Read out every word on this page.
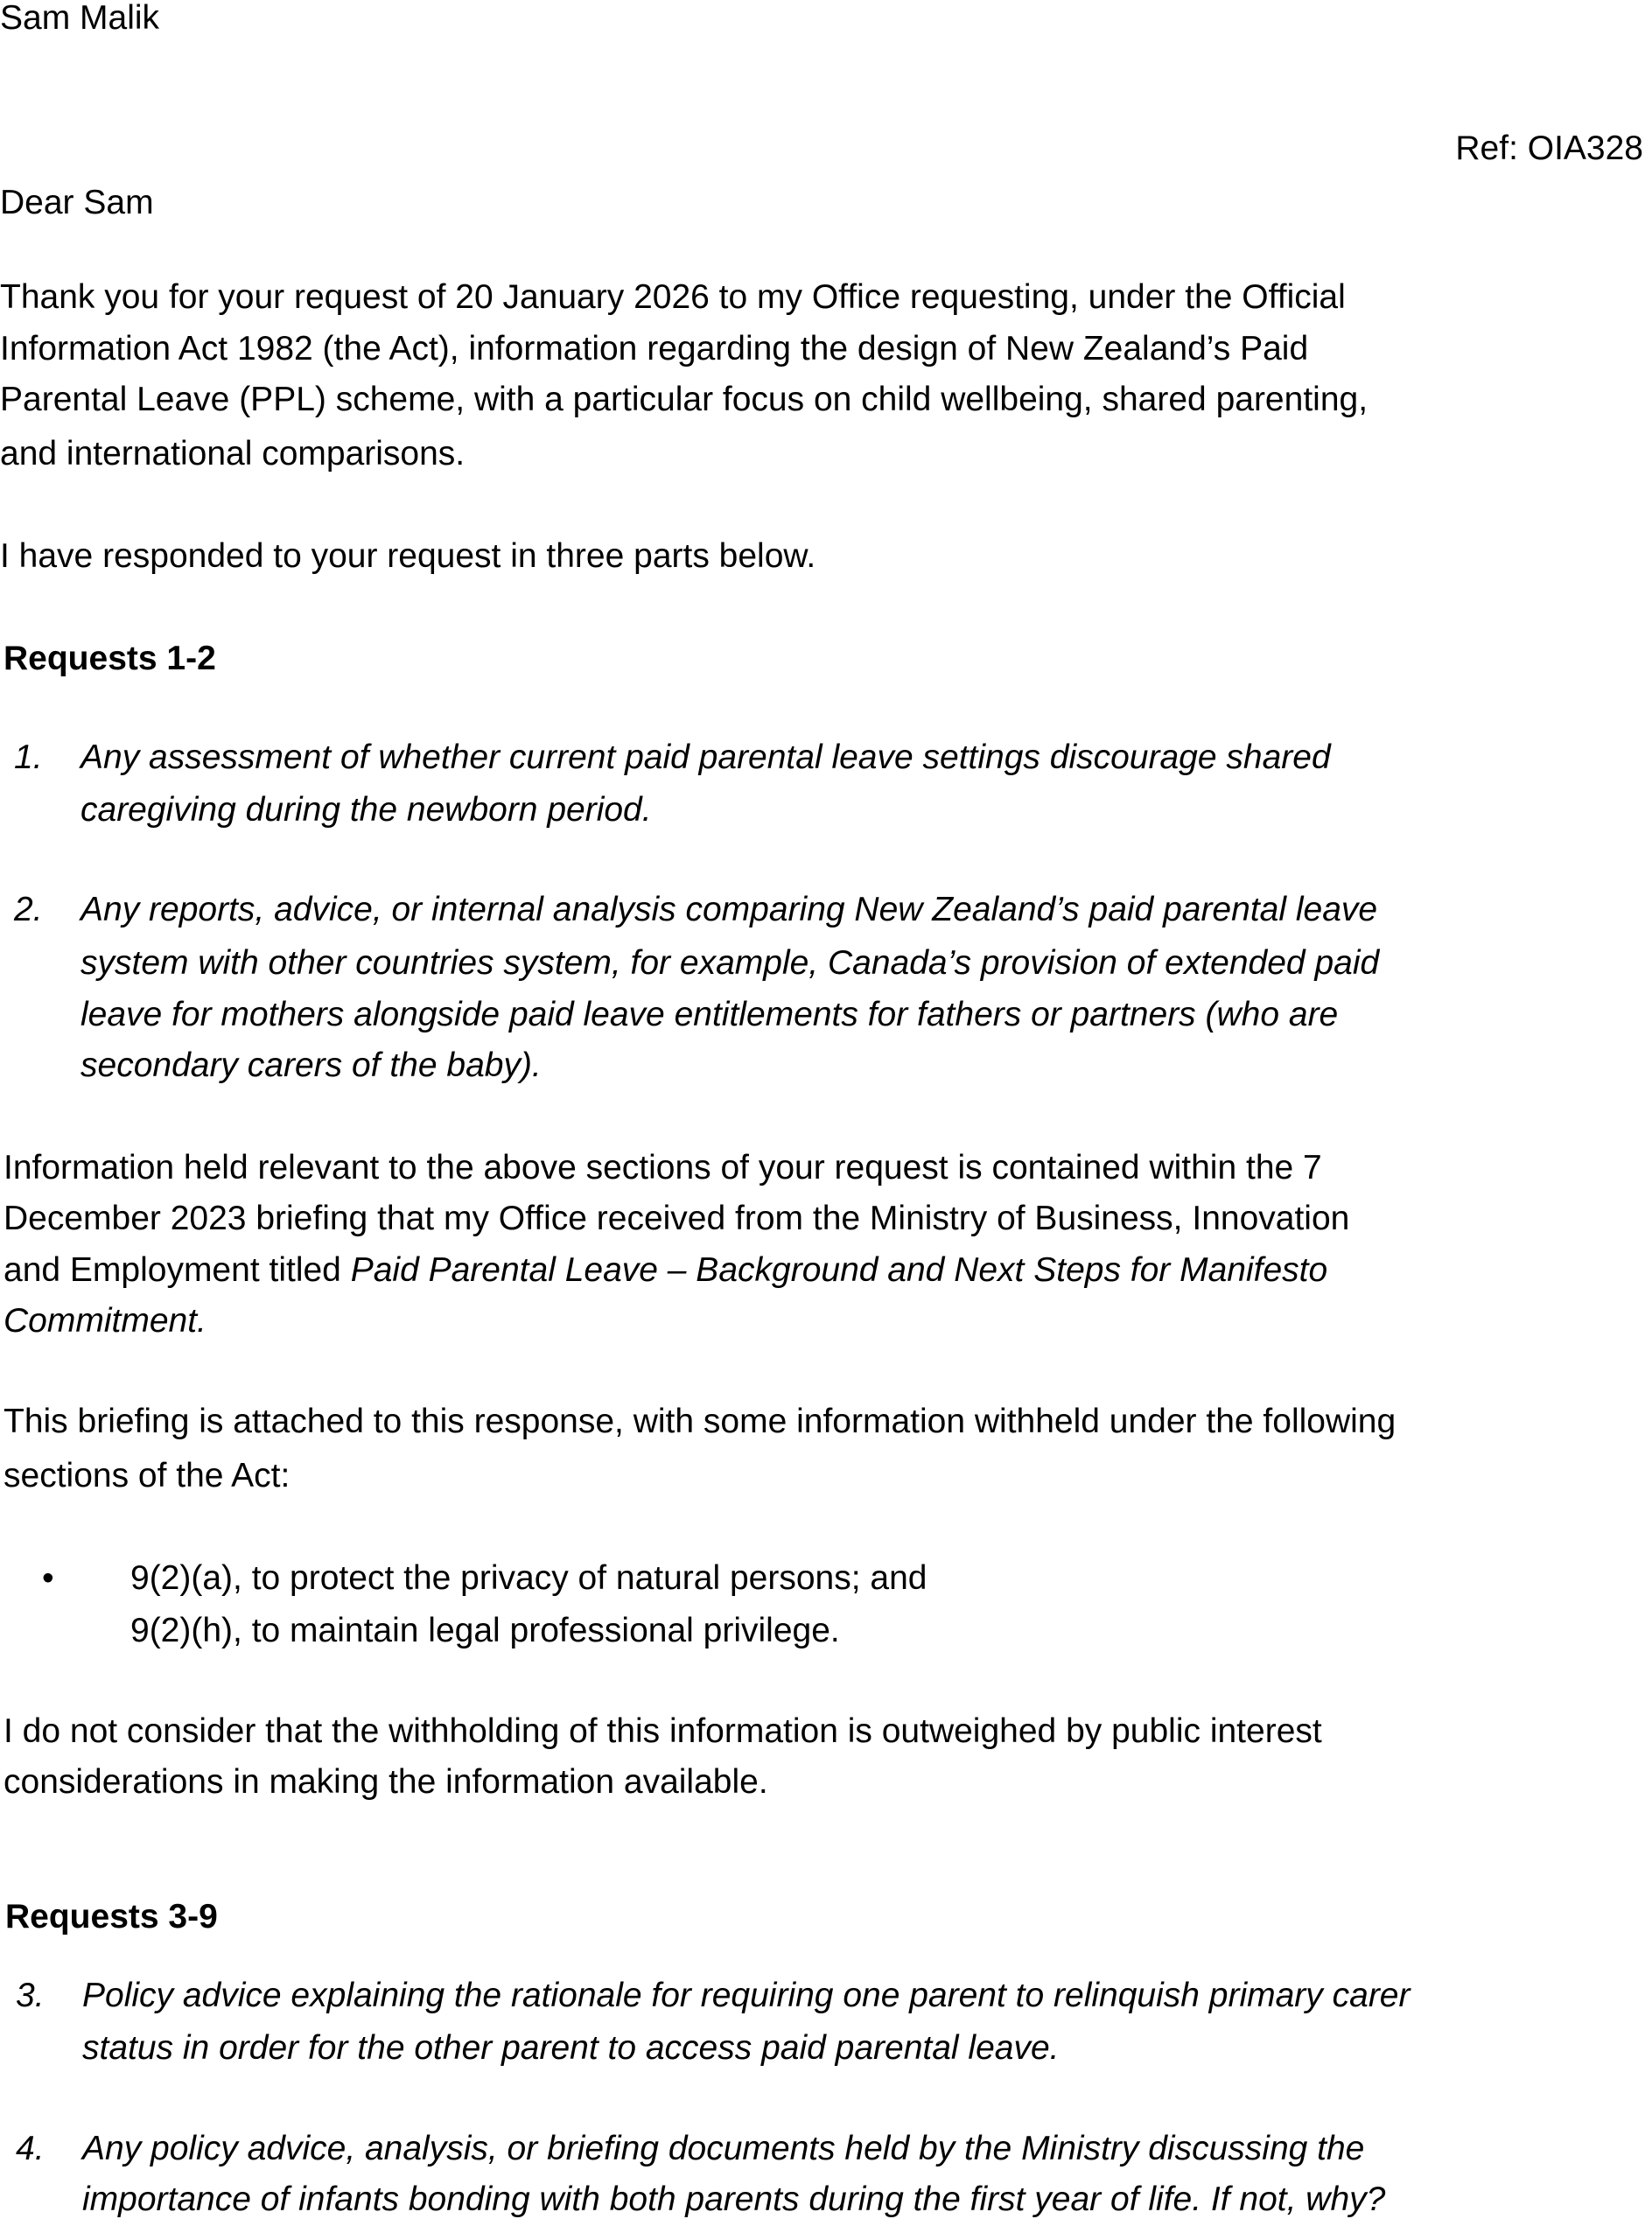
Sam Malik
Ref: OIA328
Dear Sam
Thank you for your request of 20 January 2026 to my Office requesting, under the Official
Information Act 1982 (the Act), information regarding the design of New Zealand’s Paid
Parental Leave (PPL) scheme, with a particular focus on child wellbeing, shared parenting,
and international comparisons.
I have responded to your request in three parts below.
Requests 1-2
1. Any assessment of whether current paid parental leave settings discourage shared
caregiving during the newborn period.
2. Any reports, advice, or internal analysis comparing New Zealand’s paid parental leave
system with other countries system, for example, Canada’s provision of extended paid
leave for mothers alongside paid leave entitlements for fathers or partners (who are
secondary carers of the baby).
Information held relevant to the above sections of your request is contained within the 7
December 2023 briefing that my Office received from the Ministry of Business, Innovation
and Employment titled Paid Parental Leave – Background and Next Steps for Manifesto
Commitment.
This briefing is attached to this response, with some information withheld under the following
sections of the Act:
• 9(2)(a), to protect the privacy of natural persons; and
9(2)(h), to maintain legal professional privilege.
I do not consider that the withholding of this information is outweighed by public interest
considerations in making the information available.
Requests 3-9
3. Policy advice explaining the rationale for requiring one parent to relinquish primary carer
status in order for the other parent to access paid parental leave.
4. Any policy advice, analysis, or briefing documents held by the Ministry discussing the
importance of infants bonding with both parents during the first year of life. If not, why?
